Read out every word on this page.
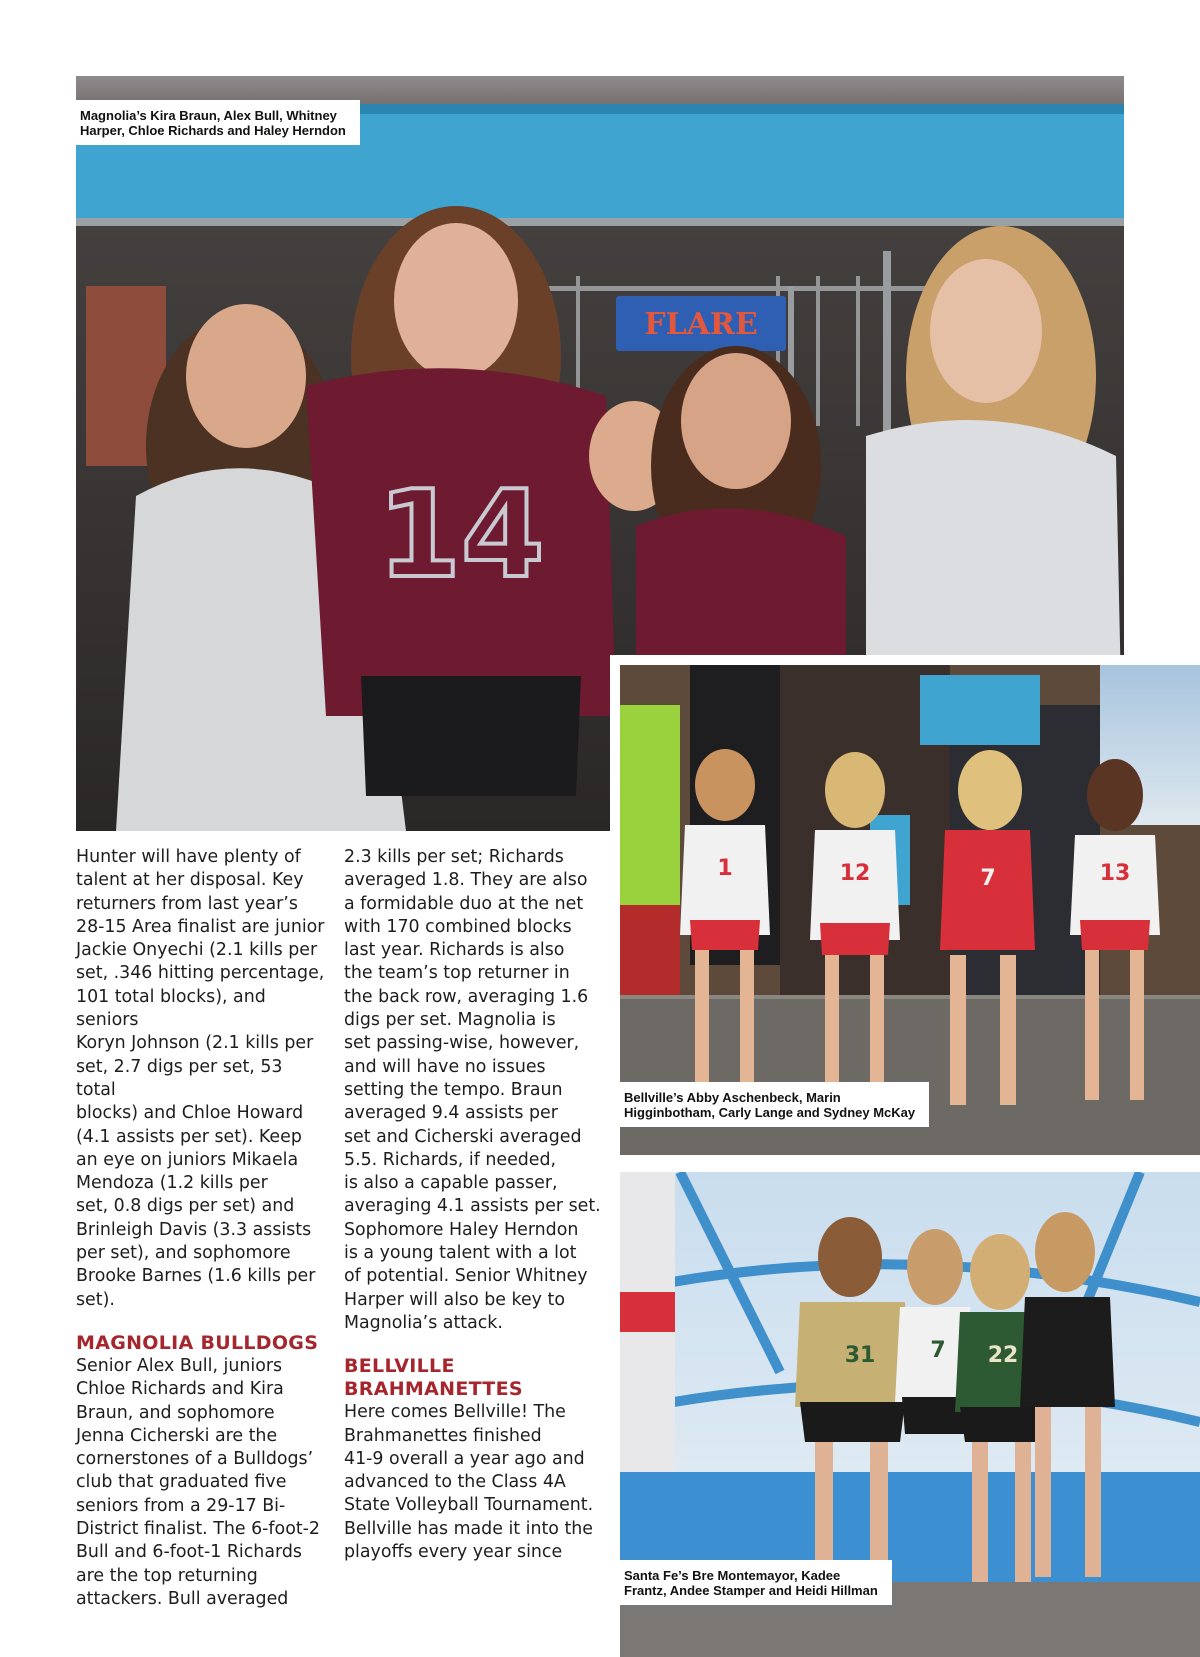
FLARE
14
Magnolia’s Kira Braun, Alex Bull, Whitney
Harper, Chloe Richards and Haley Herndon
1	12	7	13
Bellville’s Abby Aschenbeck, Marin
Higginbotham, Carly Lange and Sydney McKay
31	7 22
Santa Fe’s Bre Montemayor, Kadee
Frantz, Andee Stamper and Heidi Hillman

Hunter will have plenty of
talent at her disposal. Key
returners from last year’s
28-15 Area finalist are junior
Jackie Onyechi (2.1 kills per
set, .346 hitting percentage,
101 total blocks), and seniors
Koryn Johnson (2.1 kills per
set, 2.7 digs per set, 53 total
blocks) and Chloe Howard
(4.1 assists per set). Keep
an eye on juniors Mikaela
Mendoza (1.2 kills per
set, 0.8 digs per set) and
Brinleigh Davis (3.3 assists
per set), and sophomore
Brooke Barnes (1.6 kills per
set).

MAGNOLIA BULLDOGS

Senior Alex Bull, juniors
Chloe Richards and Kira
Braun, and sophomore
Jenna Cicherski are the
cornerstones of a Bulldogs’
club that graduated five
seniors from a 29-17 Bi-
District finalist. The 6-foot-2
Bull and 6-foot-1 Richards
are the top returning
attackers. Bull averaged

2.3 kills per set; Richards
averaged 1.8. They are also
a formidable duo at the net
with 170 combined blocks
last year. Richards is also
the team’s top returner in
the back row, averaging 1.6
digs per set. Magnolia is
set passing-wise, however,
and will have no issues
setting the tempo. Braun
averaged 9.4 assists per
set and Cicherski averaged
5.5. Richards, if needed,
is also a capable passer,
averaging 4.1 assists per set.
Sophomore Haley Herndon
is a young talent with a lot
of potential. Senior Whitney
Harper will also be key to
Magnolia’s attack.

BELLVILLE
BRAHMANETTES

Here comes Bellville! The
Brahmanettes finished
41-9 overall a year ago and
advanced to the Class 4A
State Volleyball Tournament.
Bellville has made it into the
playoffs every year since
